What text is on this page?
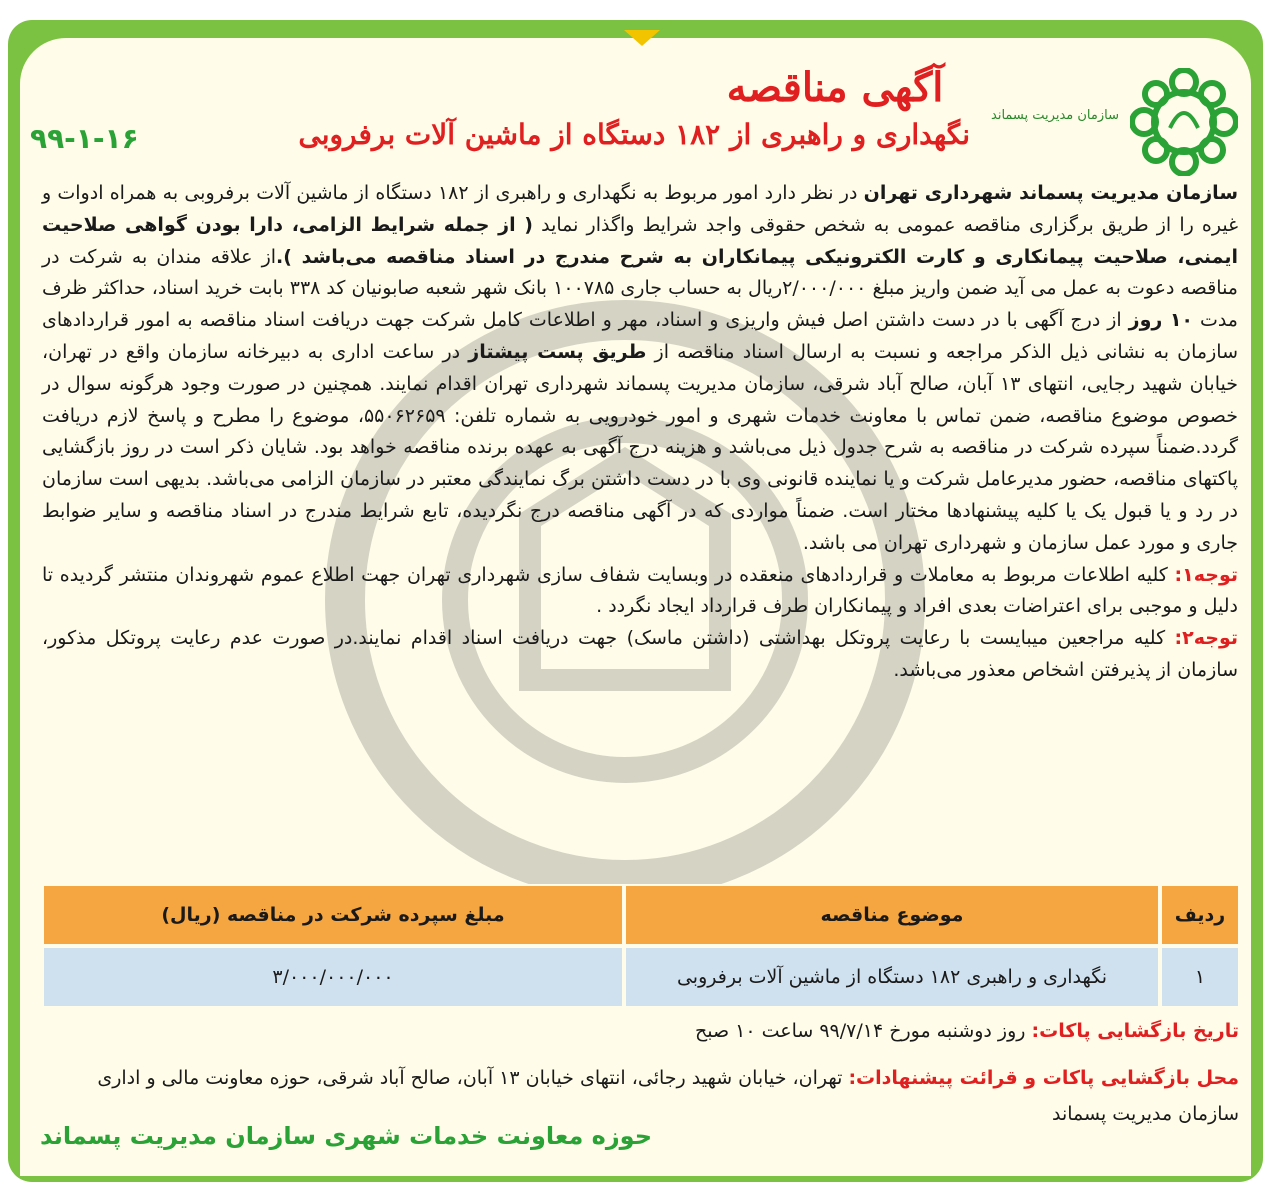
سازمان مدیریت پسماند
آگهی مناقصه
نگهداری و راهبری از ۱۸۲ دستگاه از ماشین آلات برفروبی
۹۹-۱-۱۶
سازمان مدیریت پسماند شهرداری تهران در نظر دارد امور مربوط به نگهداری و راهبری از ۱۸۲ دستگاه از ماشین آلات برفروبی به همراه ادوات و غیره را از طریق برگزاری مناقصه عمومی به شخص حقوقی واجد شرایط واگذار نماید ( از جمله شرایط الزامی، دارا بودن گواهی صلاحیت ایمنی، صلاحیت پیمانکاری و کارت الکترونیکی پیمانکاران به شرح مندرج در اسناد مناقصه می‌باشد ).از علاقه مندان به شرکت در مناقصه دعوت به عمل می آید ضمن واریز مبلغ ۲/۰۰۰/۰۰۰ریال به حساب جاری ۱۰۰۷۸۵ بانک شهر شعبه صابونیان کد ۳۳۸ بابت خرید اسناد، حداکثر ظرف مدت ۱۰ روز از درج آگهی با در دست داشتن اصل فیش واریزی و اسناد، مهر و اطلاعات کامل شرکت جهت دریافت اسناد مناقصه به امور قراردادهای سازمان به نشانی ذیل الذکر مراجعه و نسبت به ارسال اسناد مناقصه از طریق پست پیشتاز در ساعت اداری به دبیرخانه سازمان واقع در تهران، خیابان شهید رجایی، انتهای ۱۳ آبان، صالح آباد شرقی، سازمان مدیریت پسماند شهرداری تهران اقدام نمایند. همچنین در صورت وجود هرگونه سوال در خصوص موضوع مناقصه، ضمن تماس با معاونت خدمات شهری و امور خودرویی به شماره تلفن: ۵۵۰۶۲۶۵۹، موضوع را مطرح و پاسخ لازم دریافت گردد.ضمناً سپرده شرکت در مناقصه به شرح جدول ذیل می‌باشد و هزینه درج آگهی به عهده برنده مناقصه خواهد بود. شایان ذکر است در روز بازگشایی پاکتهای مناقصه، حضور مدیرعامل شرکت و یا نماینده قانونی وی با در دست داشتن برگ نمایندگی معتبر در سازمان الزامی می‌باشد. بدیهی است سازمان در رد و یا قبول یک یا کلیه پیشنهادها مختار است. ضمناً مواردی که در آگهی مناقصه درج نگردیده، تابع شرایط مندرج در اسناد مناقصه و سایر ضوابط جاری و مورد عمل سازمان و شهرداری تهران می باشد.
توجه۱: کلیه اطلاعات مربوط به معاملات و قراردادهای منعقده در وبسایت شفاف سازی شهرداری تهران جهت اطلاع عموم شهروندان منتشر گردیده تا دلیل و موجبی برای اعتراضات بعدی افراد و پیمانکاران طرف قرارداد ایجاد نگردد .
توجه۲: کلیه مراجعین میبایست با رعایت پروتکل بهداشتی (داشتن ماسک) جهت دریافت اسناد اقدام نمایند.در صورت عدم رعایت پروتکل مذکور، سازمان از پذیرفتن اشخاص معذور می‌باشد.
ردیف	موضوع مناقصه	مبلغ سپرده شرکت در مناقصه (ریال)
۱	نگهداری و راهبری ۱۸۲ دستگاه از ماشین آلات برفروبی	۳/۰۰۰/۰۰۰/۰۰۰
تاریخ بازگشایی پاکات: روز دوشنبه مورخ ۹۹/۷/۱۴ ساعت ۱۰ صبح
محل بازگشایی پاکات و قرائت پیشنهادات: تهران، خیابان شهید رجائی، انتهای خیابان ۱۳ آبان، صالح آباد شرقی، حوزه معاونت مالی و اداری سازمان مدیریت پسماند
حوزه معاونت خدمات شهری سازمان مدیریت پسماند
